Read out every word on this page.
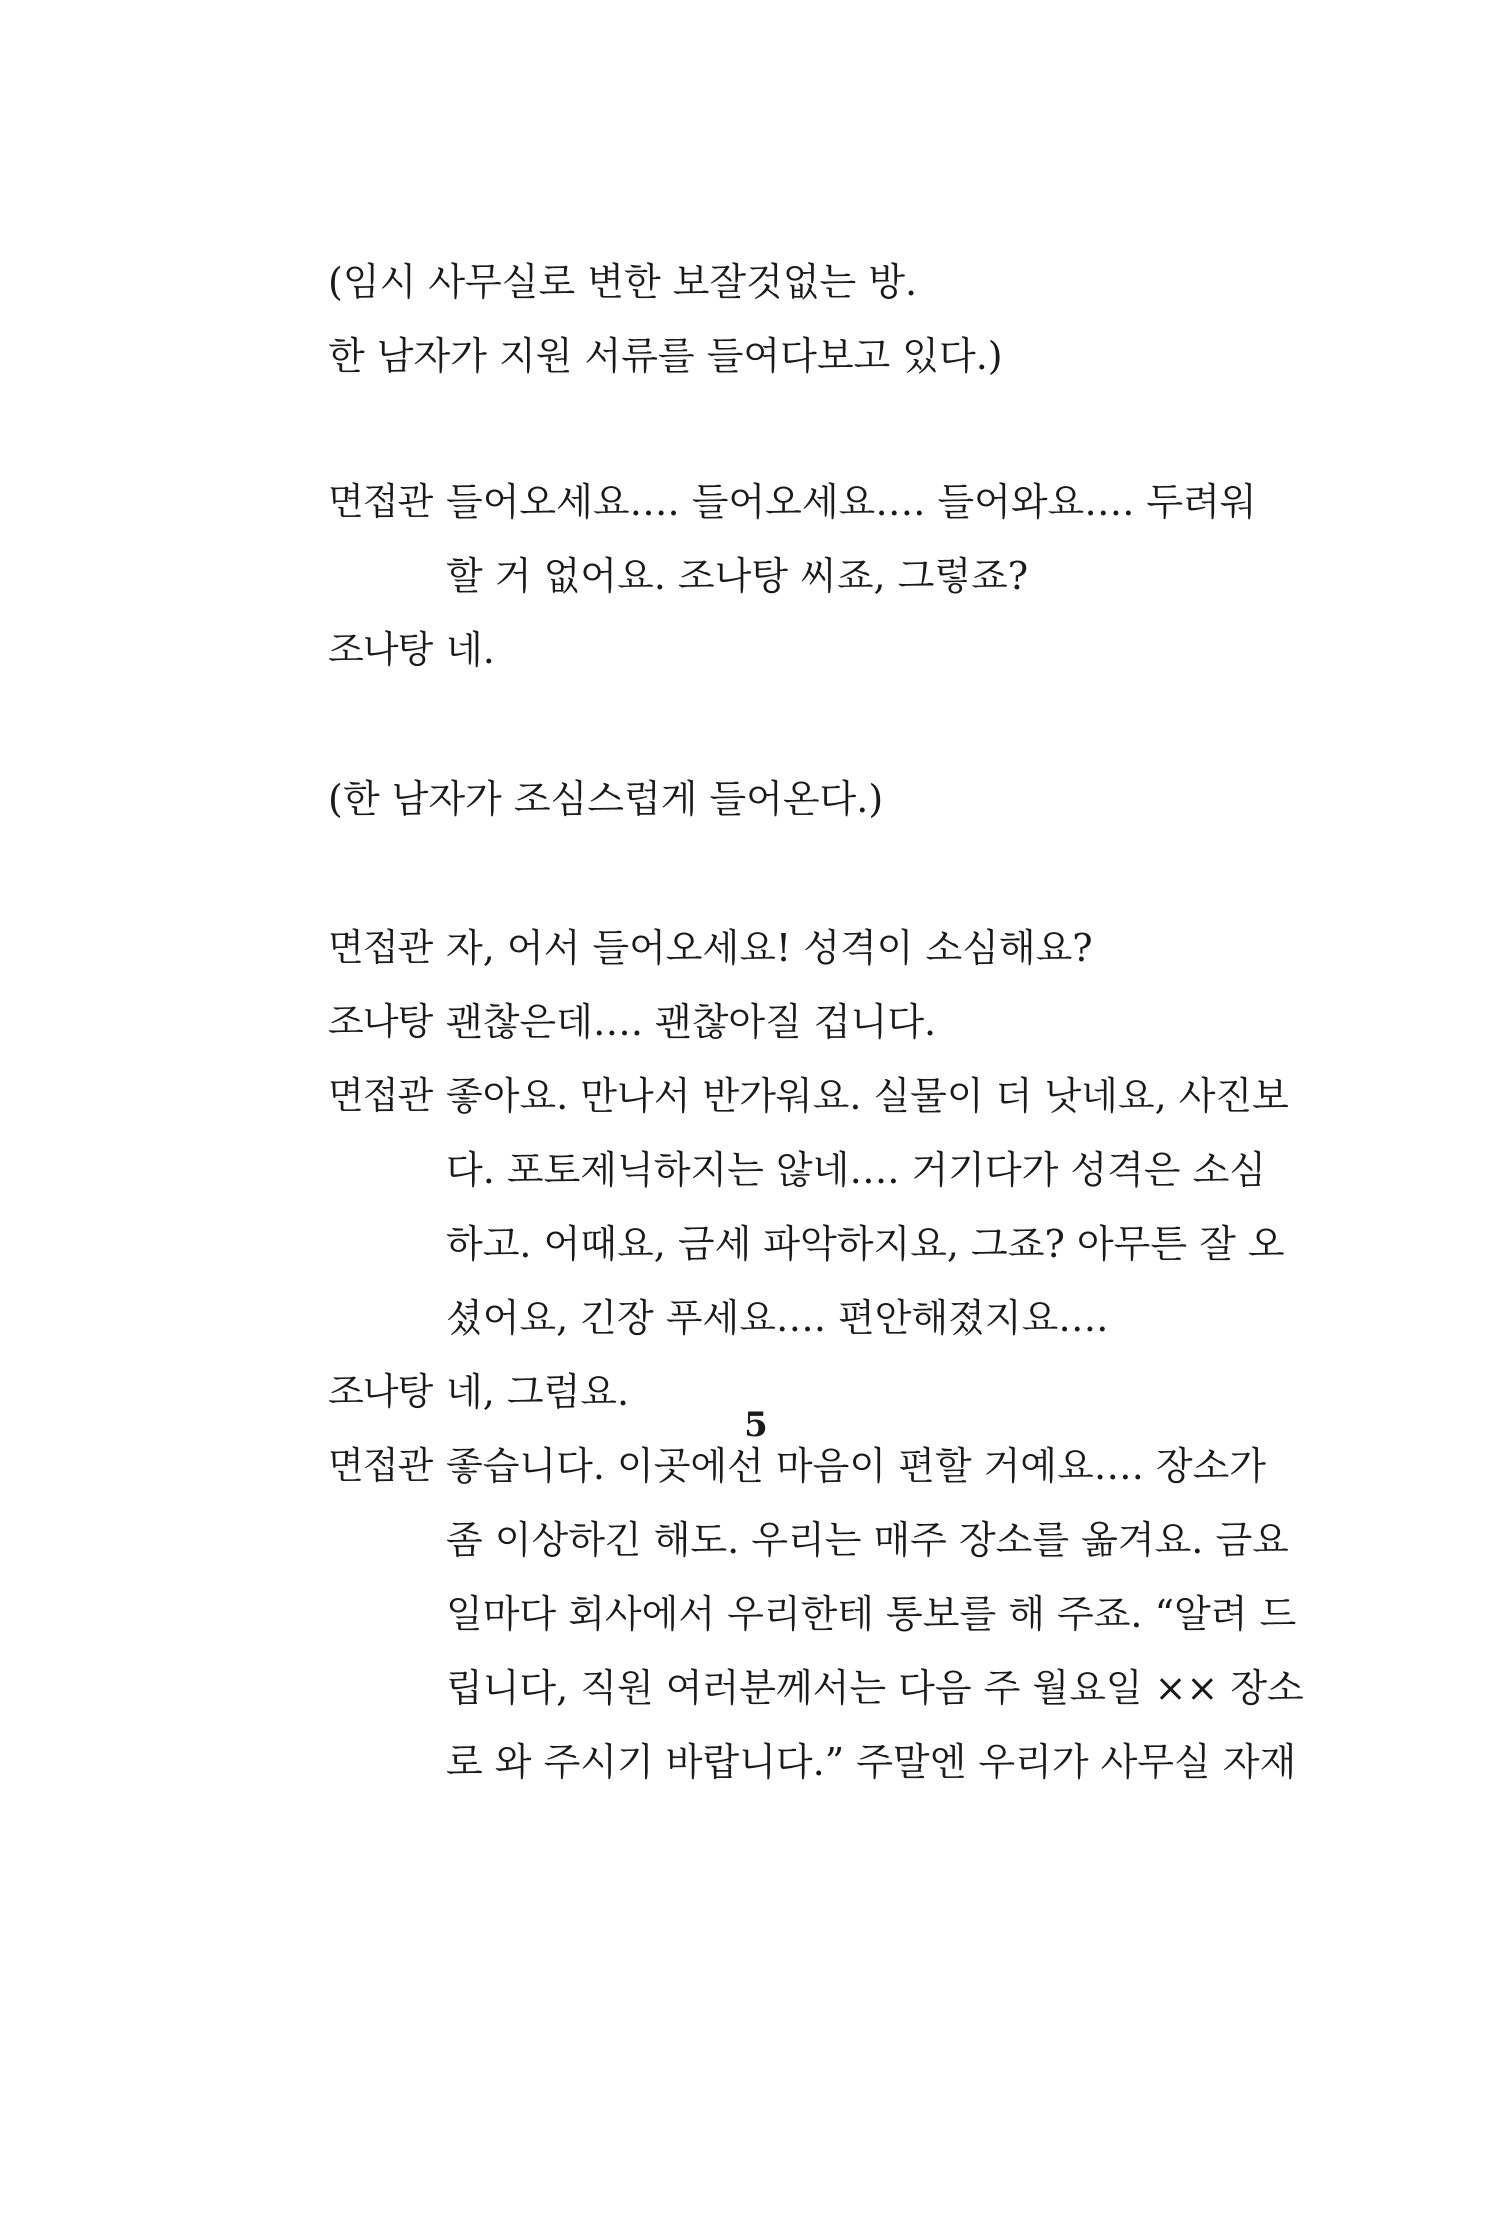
(임시 사무실로 변한 보잘것없는 방.
한 남자가 지원 서류를 들여다보고 있다.)
면접관 들어오세요…. 들어오세요…. 들어와요…. 두려워
할 거 없어요. 조나탕 씨죠, 그렇죠?
조나탕 네.
(한 남자가 조심스럽게 들어온다.)
면접관 자, 어서 들어오세요! 성격이 소심해요?
조나탕 괜찮은데…. 괜찮아질 겁니다.
면접관 좋아요. 만나서 반가워요. 실물이 더 낫네요, 사진보
다. 포토제닉하지는 않네…. 거기다가 성격은 소심
하고. 어때요, 금세 파악하지요, 그죠? 아무튼 잘 오
셨어요, 긴장 푸세요…. 편안해졌지요….
조나탕 네, 그럼요.
면접관 좋습니다. 이곳에선 마음이 편할 거예요…. 장소가
좀 이상하긴 해도. 우리는 매주 장소를 옮겨요. 금요
일마다 회사에서 우리한테 통보를 해 주죠. “알려 드
립니다, 직원 여러분께서는 다음 주 월요일 ×× 장소
로 와 주시기 바랍니다.” 주말엔 우리가 사무실 자재
5
